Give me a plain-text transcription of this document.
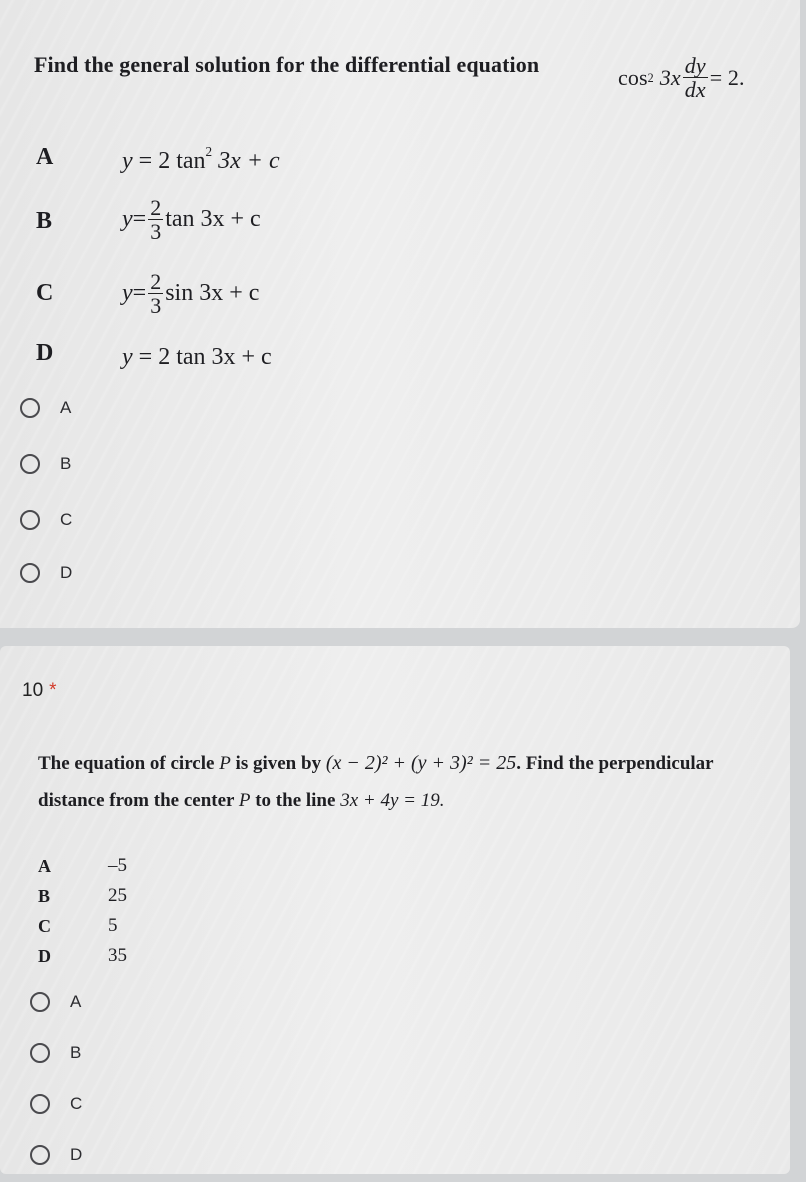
Find the general solution for the differential equation
cos 2 $3x \frac{dy}{dx} = 2$.
A	y = 2 $\tan^2 3x + c$
B	$y = \frac{2}{3}$ tan 3x + c
C	$y = \frac{2}{3}$ sin 3x + c
D	y = 2 tan 3x + c
A
B
C
D
10 *
The equation of circle P is given by (x − 2)² + (y + 3)² = 25. Find the perpendicular
distance from the center P to the line 3x + 4y = 19.
A	–5
B	25
C	5
D	35
A
B
C
D
